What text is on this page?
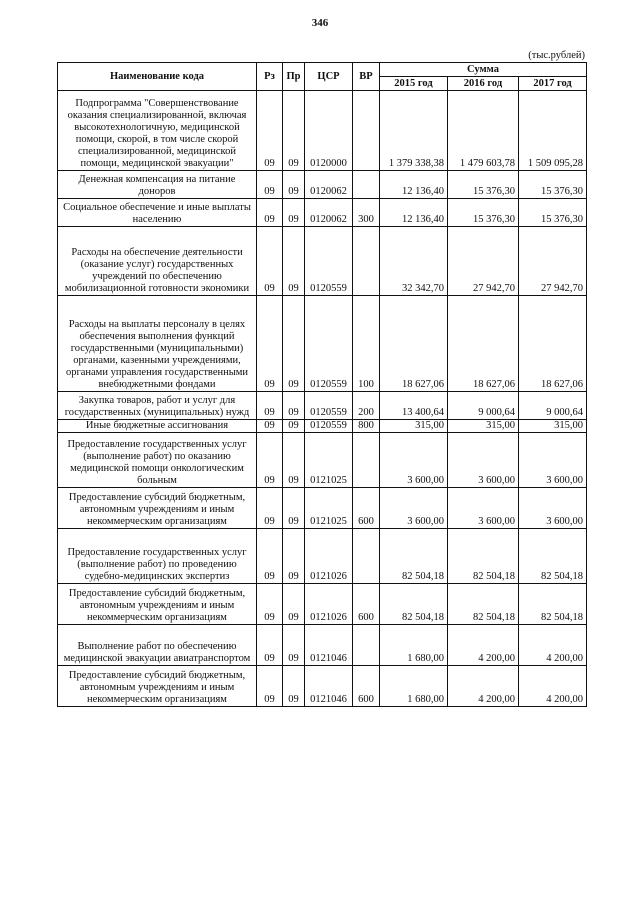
346
(тыс.рублей)
Наименование кода	Рз	Пр	ЦСР	ВР	Сумма		
					2015 год	2016 год	2017 год
Подпрограмма "Совершенствование оказания специализированной, включая высокотехнологичную, медицинской помощи, скорой, в том числе скорой специализированной, медицинской помощи, медицинской эвакуации"	09	09	0120000		1 379 338,38	1 479 603,78	1 509 095,28
Денежная компенсация на питание доноров	09	09	0120062		12 136,40	15 376,30	15 376,30
Социальное обеспечение и иные выплаты населению	09	09	0120062	300	12 136,40	15 376,30	15 376,30
Расходы на обеспечение деятельности (оказание услуг) государственных учреждений по обеспечению мобилизационной готовности экономики	09	09	0120559		32 342,70	27 942,70	27 942,70
Расходы на выплаты персоналу в целях обеспечения выполнения функций государственными (муниципальными) органами, казенными учреждениями, органами управления государственными внебюджетными фондами	09	09	0120559	100	18 627,06	18 627,06	18 627,06
Закупка товаров, работ и услуг для государственных (муниципальных) нужд	09	09	0120559	200	13 400,64	9 000,64	9 000,64
Иные бюджетные ассигнования	09	09	0120559	800	315,00	315,00	315,00
Предоставление государственных услуг (выполнение работ) по оказанию медицинской помощи онкологическим больным	09	09	0121025		3 600,00	3 600,00	3 600,00
Предоставление субсидий бюджетным, автономным учреждениям и иным некоммерческим организациям	09	09	0121025	600	3 600,00	3 600,00	3 600,00
Предоставление государственных услуг (выполнение работ) по проведению судебно-медицинских экспертиз	09	09	0121026		82 504,18	82 504,18	82 504,18
Предоставление субсидий бюджетным, автономным учреждениям и иным некоммерческим организациям	09	09	0121026	600	82 504,18	82 504,18	82 504,18
Выполнение работ по обеспечению медицинской эвакуации авиатранспортом	09	09	0121046		1 680,00	4 200,00	4 200,00
Предоставление субсидий бюджетным, автономным учреждениям и иным некоммерческим организациям	09	09	0121046	600	1 680,00	4 200,00	4 200,00
